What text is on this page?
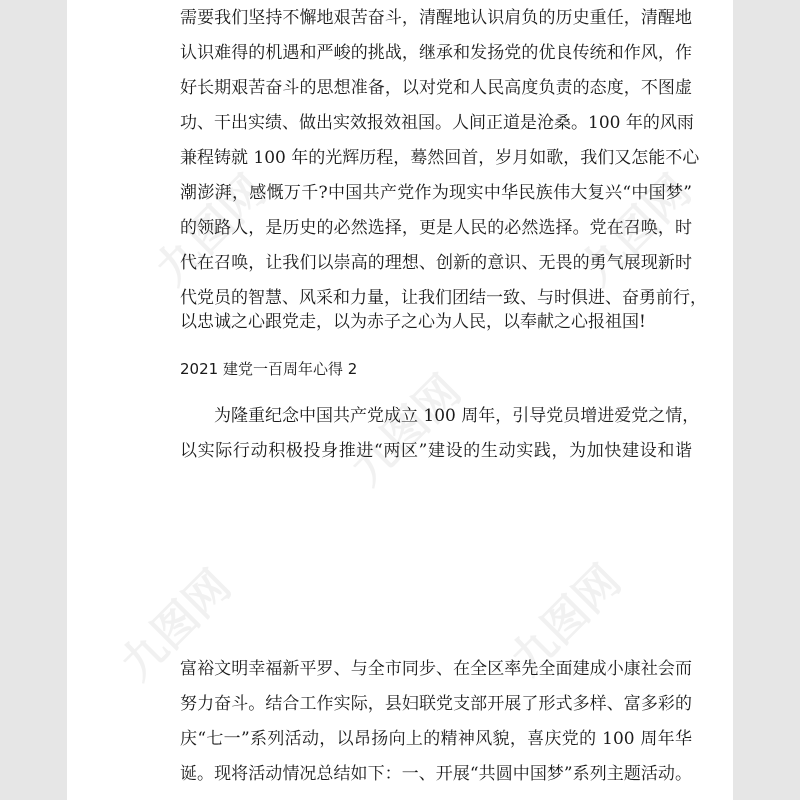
九图网
九图网
九图网	九图网
九图网
需要我们坚持不懈地艰苦奋斗，清醒地认识肩负的历史重任，清醒地
认识难得的机遇和严峻的挑战，继承和发扬党的优良传统和作风，作
好长期艰苦奋斗的思想准备，以对党和人民高度负责的态度，不图虚
功、干出实绩、做出实效报效祖国。人间正道是沧桑。100 年的风雨
兼程铸就 100 年的光辉历程，蓦然回首，岁月如歌，我们又怎能不心
潮澎湃，感慨万千?中国共产党作为现实中华民族伟大复兴“中国梦”
的领路人，是历史的必然选择，更是人民的必然选择。党在召唤，时
代在召唤，让我们以崇高的理想、创新的意识、无畏的勇气展现新时
代党员的智慧、风采和力量，让我们团结一致、与时俱进、奋勇前行，
以忠诚之心跟党走，以为赤子之心为人民，以奉献之心报祖国!
2021 建党一百周年心得 2
为隆重纪念中国共产党成立 100 周年，引导党员增进爱党之情，
以实际行动积极投身推进“两区”建设的生动实践，为加快建设和谐
富裕文明幸福新平罗、与全市同步、在全区率先全面建成小康社会而
努力奋斗。结合工作实际，县妇联党支部开展了形式多样、富多彩的
庆“七一”系列活动，以昂扬向上的精神风貌，喜庆党的 100 周年华
诞。现将活动情况总结如下：一、开展“共圆中国梦”系列主题活动。
